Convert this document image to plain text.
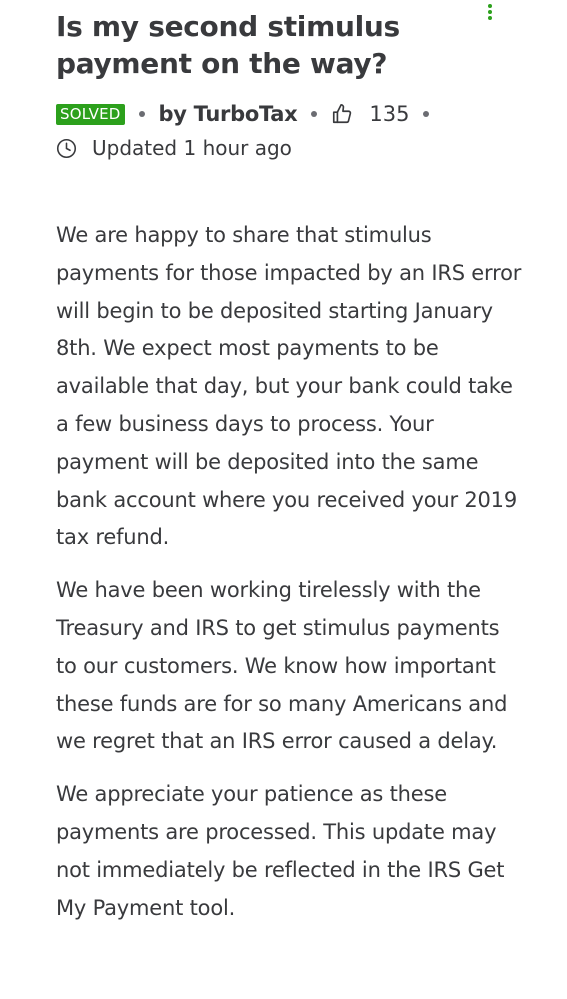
Is my second stimulus payment on the way?
SOLVED by TurboTax	135
Updated 1 hour ago

We are happy to share that stimulus payments for those impacted by an IRS error will begin to be deposited starting January 8th. We expect most payments to be available that day, but your bank could take a few business days to process. Your payment will be deposited into the same bank account where you received your 2019 tax refund.

We have been working tirelessly with the Treasury and IRS to get stimulus payments to our customers. We know how important these funds are for so many Americans and we regret that an IRS error caused a delay.

We appreciate your patience as these payments are processed. This update may not immediately be reflected in the IRS Get My Payment tool.
